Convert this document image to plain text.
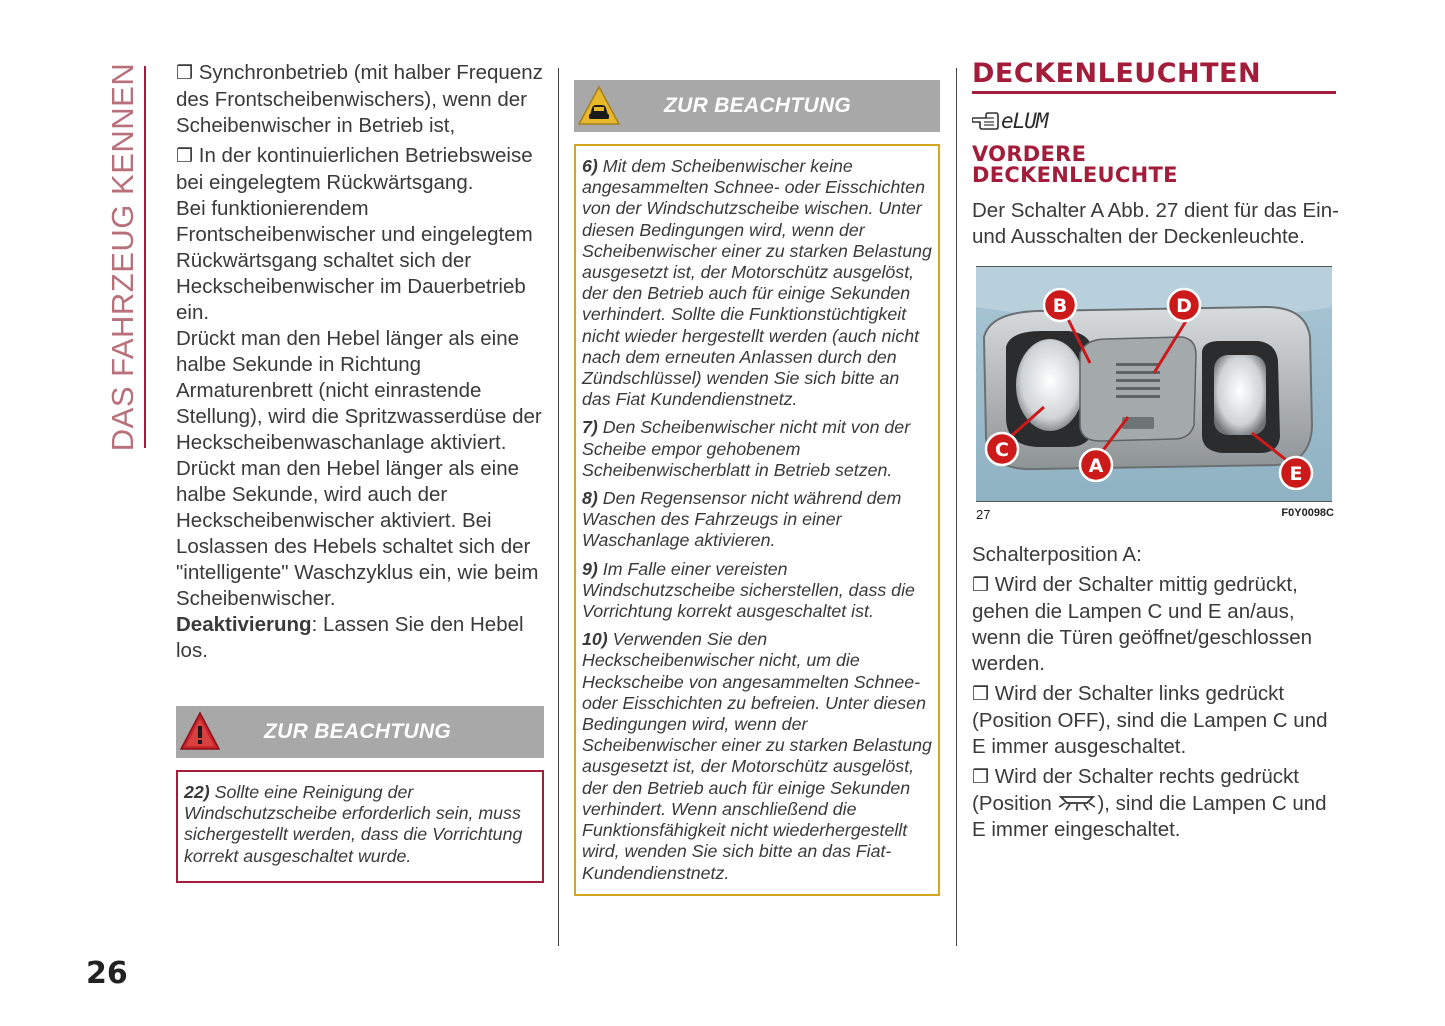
DAS FAHRZEUG KENNEN ❒ Synchronbetrieb (mit halber Frequenz des Frontscheibenwischers), wenn der Scheibenwischer in Betrieb ist,

❒ In der kontinuierlichen Betriebsweise bei eingelegtem Rückwärtsgang.

Bei funktionierendem Frontscheibenwischer und eingelegtem Rückwärtsgang schaltet sich der Heckscheibenwischer im Dauerbetrieb ein.

Drückt man den Hebel länger als eine halbe Sekunde in Richtung Armaturenbrett (nicht einrastende Stellung), wird die Spritzwasserdüse der Heckscheibenwaschanlage aktiviert. Drückt man den Hebel länger als eine halbe Sekunde, wird auch der Heckscheibenwischer aktiviert. Bei Loslassen des Hebels schaltet sich der "intelligente" Waschzyklus ein, wie beim Scheibenwischer.

Deaktivierung: Lassen Sie den Hebel los.

ZUR BEACHTUNG

22) Sollte eine Reinigung der Windschutzscheibe erforderlich sein, muss sichergestellt werden, dass die Vorrichtung korrekt ausgeschaltet wurde.

ZUR BEACHTUNG

6) Mit dem Scheibenwischer keine angesammelten Schnee- oder Eisschichten von der Windschutzscheibe wischen. Unter diesen Bedingungen wird, wenn der Scheibenwischer einer zu starken Belastung ausgesetzt ist, der Motorschütz ausgelöst, der den Betrieb auch für einige Sekunden verhindert. Sollte die Funktionstüchtigkeit nicht wieder hergestellt werden (auch nicht nach dem erneuten Anlassen durch den Zündschlüssel) wenden Sie sich bitte an das Fiat Kundendienstnetz.

7) Den Scheibenwischer nicht mit von der Scheibe empor gehobenem Scheibenwischerblatt in Betrieb setzen.

8) Den Regensensor nicht während dem Waschen des Fahrzeugs in einer Waschanlage aktivieren.

9) Im Falle einer vereisten Windschutzscheibe sicherstellen, dass die Vorrichtung korrekt ausgeschaltet ist.

10) Verwenden Sie den Heckscheibenwischer nicht, um die Heckscheibe von angesammelten Schnee- oder Eisschichten zu befreien. Unter diesen Bedingungen wird, wenn der Scheibenwischer einer zu starken Belastung ausgesetzt ist, der Motorschütz ausgelöst, der den Betrieb auch für einige Sekunden verhindert. Wenn anschließend die Funktionsfähigkeit nicht wiederhergestellt wird, wenden Sie sich bitte an das Fiat-Kundendienstnetz.

DECKENLEUCHTEN
eLUM
VORDERE
DECKENLEUCHTE

Der Schalter A Abb. 27 dient für das Ein- und Ausschalten der Deckenleuchte.

B	D
C
A	E
27	F0Y0098C

Schalterposition A:

❒ Wird der Schalter mittig gedrückt, gehen die Lampen C und E an/aus, wenn die Türen geöffnet/geschlossen werden.

❒ Wird der Schalter links gedrückt (Position OFF), sind die Lampen C und E immer ausgeschaltet.

❒ Wird der Schalter rechts gedrückt (Position ), sind die Lampen C und E immer eingeschaltet.

26
